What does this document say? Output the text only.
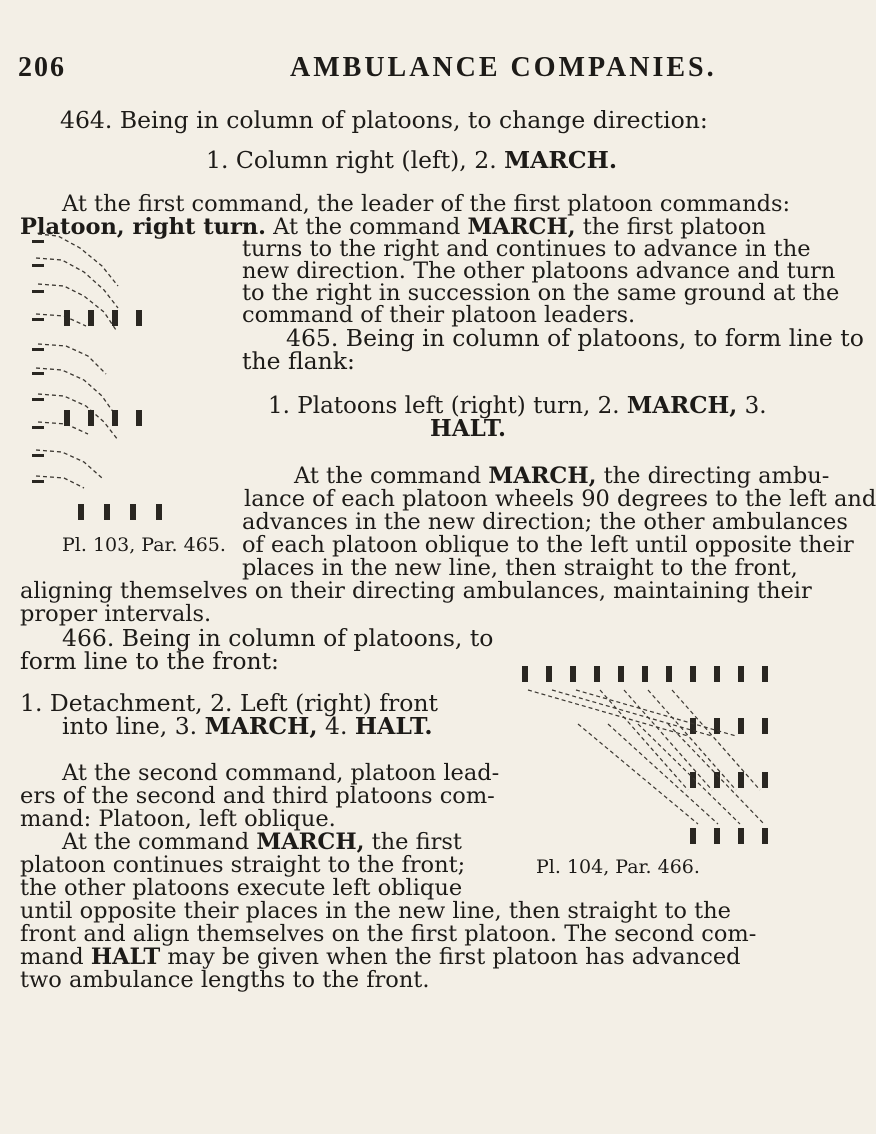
206	AMBULANCE COMPANIES.
464. Being in column of platoons, to change direction:
1. Column right (left), 2. MARCH.
At the first command, the leader of the first platoon commands:
Platoon, right turn. At the command MARCH, the first platoon
turns to the right and continues to advance in the
new direction. The other platoons advance and turn
to the right in succession on the same ground at the
command of their platoon leaders.
465. Being in column of platoons, to form line to
the flank:
1. Platoons left (right) turn, 2. MARCH, 3.
HALT.
At the command MARCH, the directing ambu-
lance of each platoon wheels 90 degrees to the left and
advances in the new direction; the other ambulances
of each platoon oblique to the left until opposite their
Pl. 103, Par. 465.
places in the new line, then straight to the front,
aligning themselves on their directing ambulances, maintaining their
proper intervals.
466. Being in column of platoons, to
form line to the front:
1. Detachment, 2. Left (right) front
into line, 3. MARCH, 4. HALT.
At the second command, platoon lead-
ers of the second and third platoons com-
mand: Platoon, left oblique.
At the command MARCH, the first
platoon continues straight to the front;	Pl. 104, Par. 466.
the other platoons execute left oblique
until opposite their places in the new line, then straight to the
front and align themselves on the first platoon. The second com-
mand HALT may be given when the first platoon has advanced
two ambulance lengths to the front.
